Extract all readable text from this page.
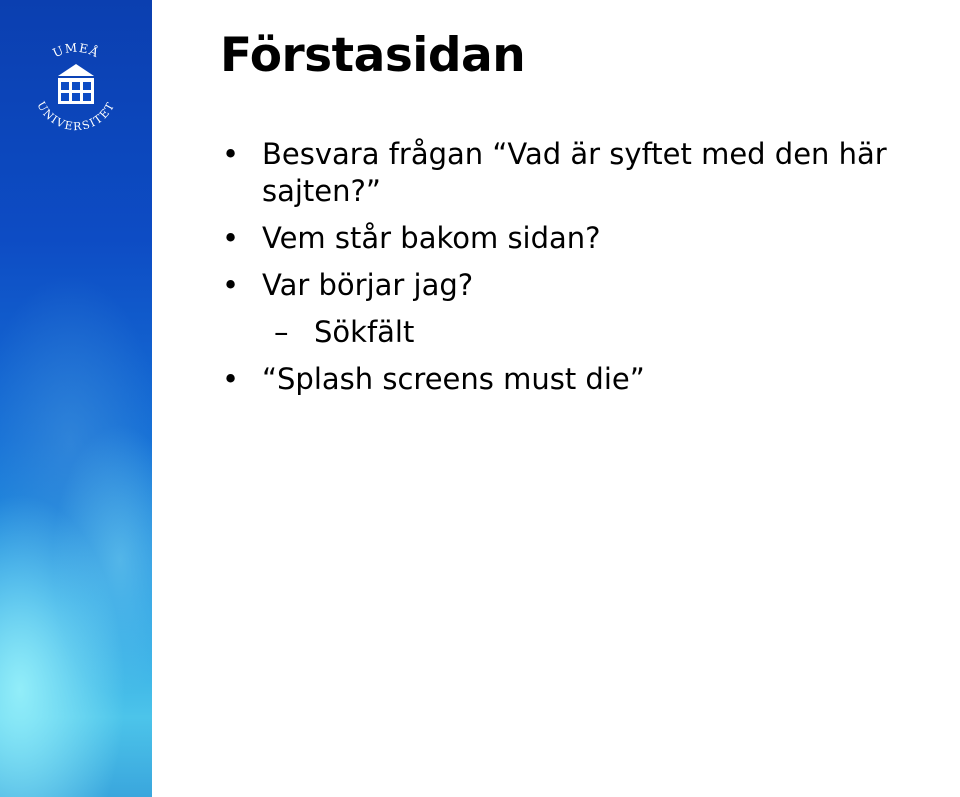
UMEÅ
UNIVERSITET
Förstasidan
• Besvara frågan “Vad är syftet med den här sajten?”
• Vem står bakom sidan?
• Var börjar jag?
– Sökfält
• “Splash screens must die”
